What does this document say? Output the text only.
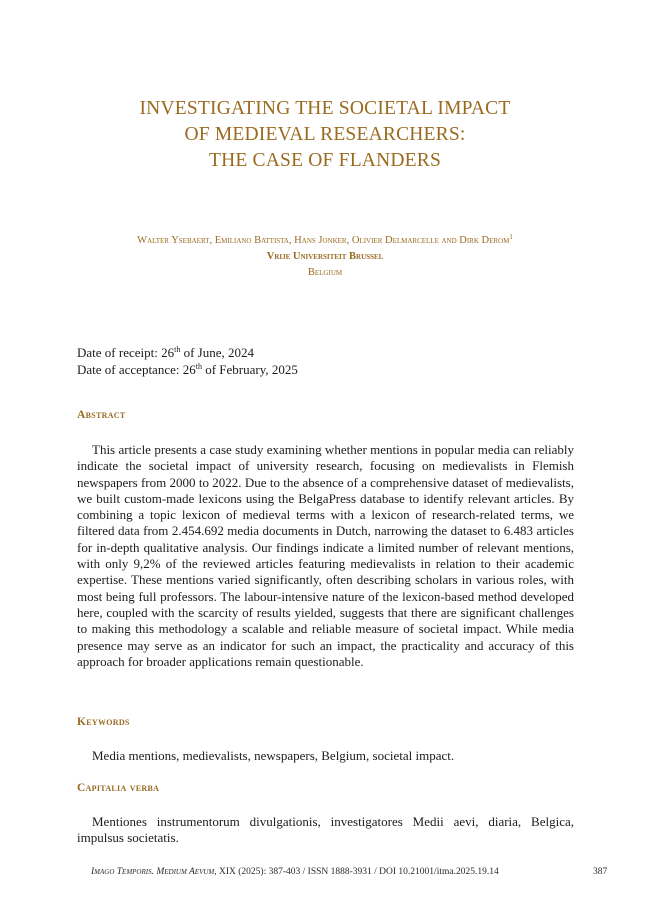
INVESTIGATING THE SOCIETAL IMPACT
OF MEDIEVAL RESEARCHERS:
THE CASE OF FLANDERS
Walter Ysebaert, Emiliano Battista, Hans Jonker, Olivier Delmarcelle and Dirk Derom$^1$
Vrije Universiteit Brussel
Belgium
Date of receipt: 26th of June, 2024
Date of acceptance: 26th of February, 2025
Abstract
This article presents a case study examining whether mentions in popular media can reliably indicate the societal impact of university research, focusing on medievalists in Flemish newspapers from 2000 to 2022. Due to the absence of a comprehensive dataset of medievalists, we built custom-made lexicons using the BelgaPress database to identify relevant articles. By combining a topic lexicon of medieval terms with a lexicon of research-related terms, we filtered data from 2.454.692 media documents in Dutch, narrowing the dataset to 6.483 articles for in-depth qualitative analysis. Our findings indicate a limited number of relevant mentions, with only 9,2% of the reviewed articles featuring medievalists in relation to their academic expertise. These mentions varied significantly, often describing scholars in various roles, with most being full professors. The labour-intensive nature of the lexicon-based method developed here, coupled with the scarcity of results yielded, suggests that there are significant challenges to making this methodology a scalable and reliable measure of societal impact. While media presence may serve as an indicator for such an impact, the practicality and accuracy of this approach for broader applications remain questionable.
Keywords
Media mentions, medievalists, newspapers, Belgium, societal impact.
Capitalia verba
Mentiones instrumentorum divulgationis, investigatores Medii aevi, diaria, Belgica, impulsus societatis.
Imago Temporis. Medium Aevum, XIX (2025): 387-403 / ISSN 1888-3931 / DOI 10.21001/itma.2025.19.14	387
